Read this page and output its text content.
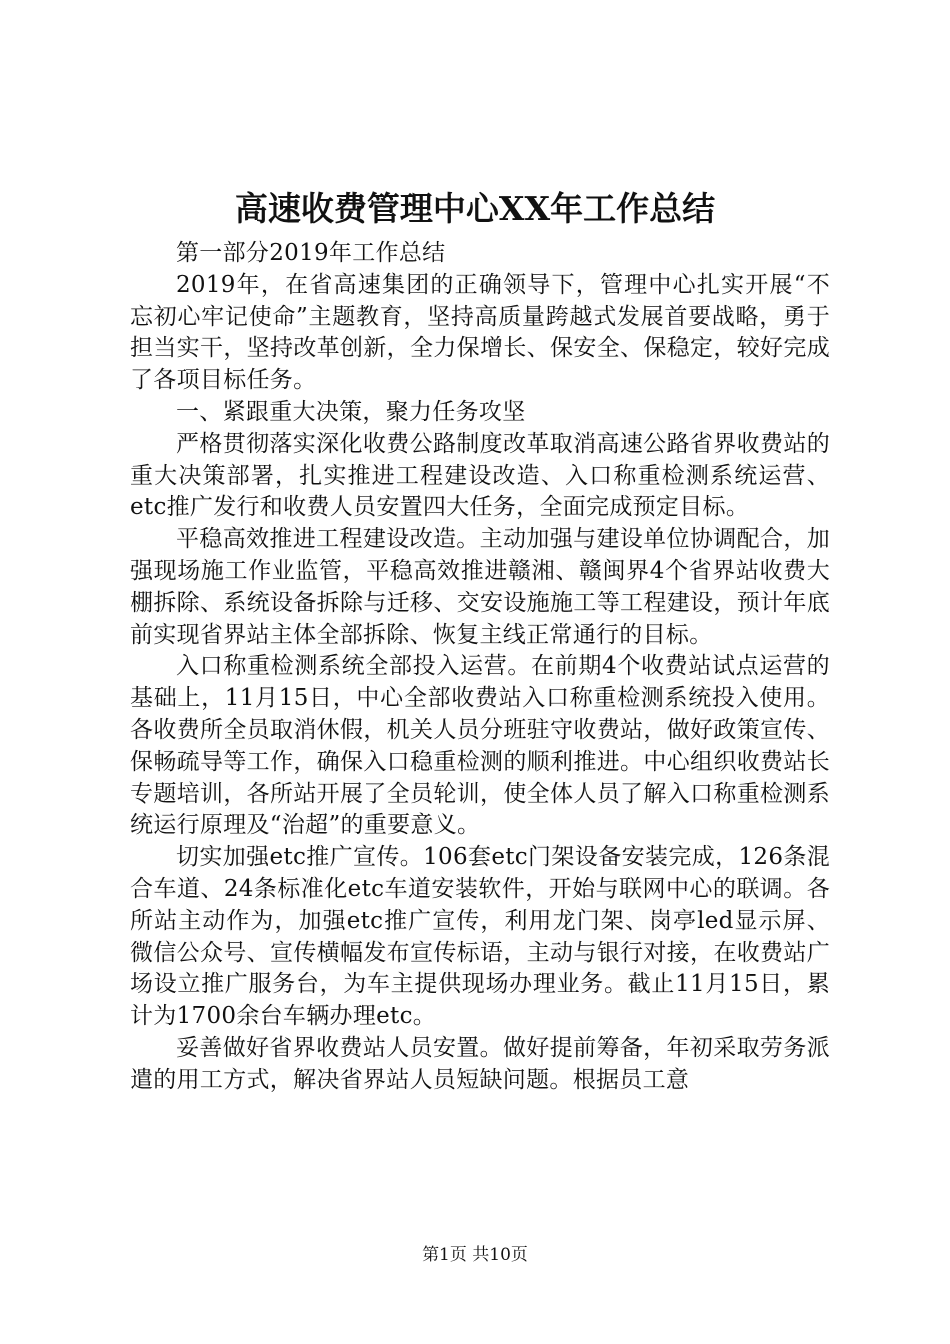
高速收费管理中心XX年工作总结

第一部分2019年工作总结

2019年，在省高速集团的正确领导下，管理中心扎实开展“不忘初心牢记使命”主题教育，坚持高质量跨越式发展首要战略，勇于担当实干，坚持改革创新，全力保增长、保安全、保稳定，较好完成了各项目标任务。

一、紧跟重大决策，聚力任务攻坚

严格贯彻落实深化收费公路制度改革取消高速公路省界收费站的重大决策部署，扎实推进工程建设改造、入口称重检测系统运营、etc推广发行和收费人员安置四大任务，全面完成预定目标。

平稳高效推进工程建设改造。主动加强与建设单位协调配合，加强现场施工作业监管，平稳高效推进赣湘、赣闽界4个省界站收费大棚拆除、系统设备拆除与迁移、交安设施施工等工程建设，预计年底前实现省界站主体全部拆除、恢复主线正常通行的目标。

入口称重检测系统全部投入运营。在前期4个收费站试点运营的基础上，11月15日，中心全部收费站入口称重检测系统投入使用。各收费所全员取消休假，机关人员分班驻守收费站，做好政策宣传、保畅疏导等工作，确保入口稳重检测的顺利推进。中心组织收费站长专题培训，各所站开展了全员轮训，使全体人员了解入口称重检测系统运行原理及“治超”的重要意义。

切实加强etc推广宣传。106套etc门架设备安装完成，126条混合车道、24条标准化etc车道安装软件，开始与联网中心的联调。各所站主动作为，加强etc推广宣传，利用龙门架、岗亭led显示屏、微信公众号、宣传横幅发布宣传标语，主动与银行对接，在收费站广场设立推广服务台，为车主提供现场办理业务。截止11月15日，累计为1700余台车辆办理etc。

妥善做好省界收费站人员安置。做好提前筹备，年初采取劳务派遣的用工方式，解决省界站人员短缺问题。根据员工意

第1页 共10页
